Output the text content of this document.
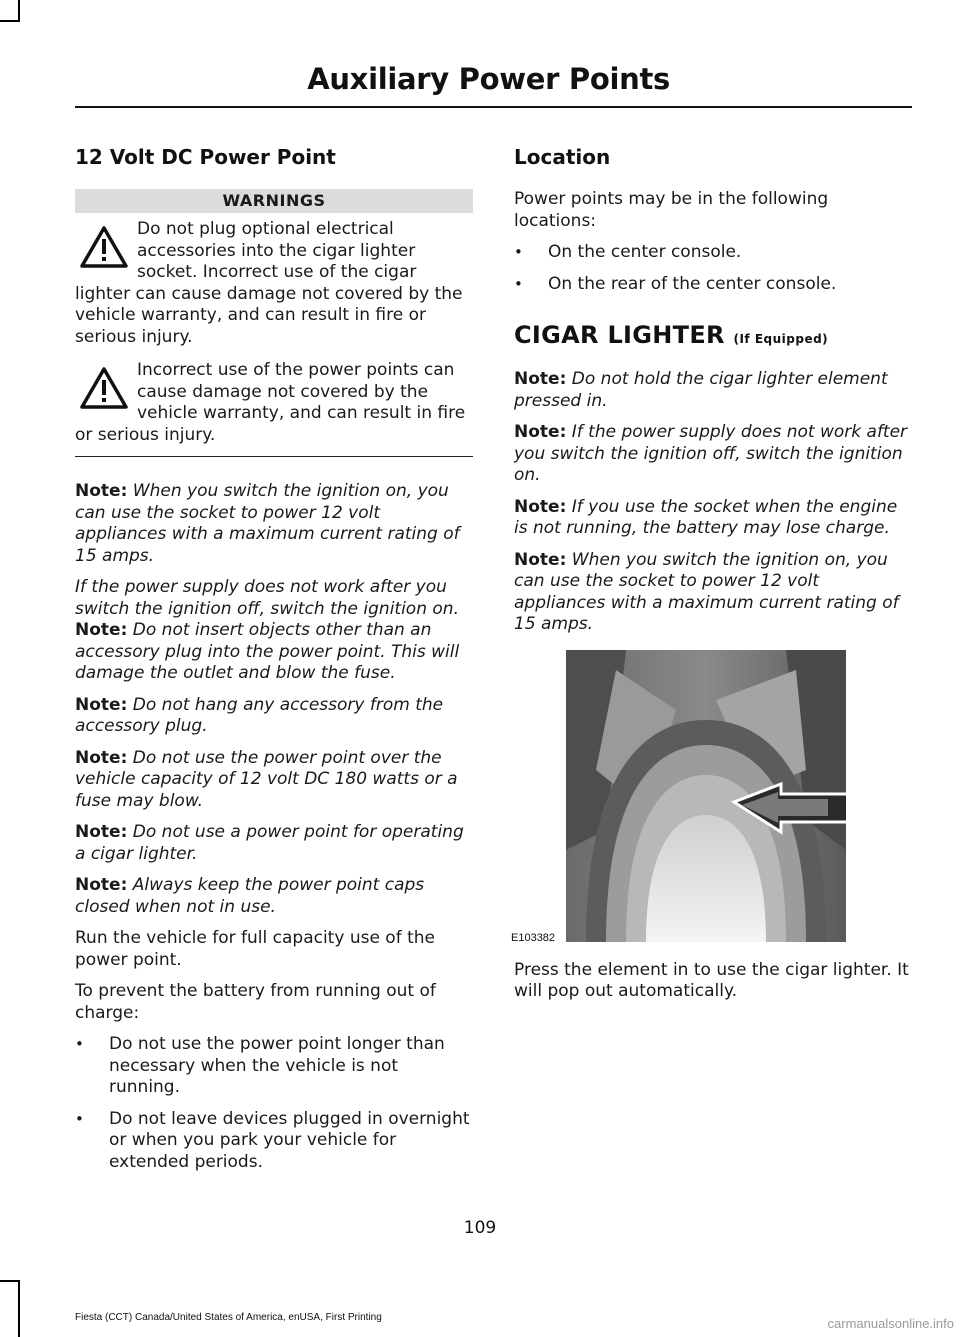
Auxiliary Power Points
12 Volt DC Power Point
WARNINGS
Do not plug optional electrical accessories into the cigar lighter socket. Incorrect use of the cigar lighter can cause damage not covered by the vehicle warranty, and can result in fire or serious injury.
Incorrect use of the power points can cause damage not covered by the vehicle warranty, and can result in fire or serious injury.

Note: When you switch the ignition on, you can use the socket to power 12 volt appliances with a maximum current rating of 15 amps.

If the power supply does not work after you switch the ignition off, switch the ignition on.

Note: Do not insert objects other than an accessory plug into the power point. This will damage the outlet and blow the fuse.

Note: Do not hang any accessory from the accessory plug.

Note: Do not use the power point over the vehicle capacity of 12 volt DC 180 watts or a fuse may blow.

Note: Do not use a power point for operating a cigar lighter.

Note: Always keep the power point caps closed when not in use.

Run the vehicle for full capacity use of the power point.

To prevent the battery from running out of charge:

• Do not use the power point longer than necessary when the vehicle is not running.
• Do not leave devices plugged in overnight or when you park your vehicle for extended periods.
Location

Power points may be in the following locations:

• On the center console.
• On the rear of the center console.
CIGAR LIGHTER (If Equipped)

Note: Do not hold the cigar lighter element pressed in.

Note: If the power supply does not work after you switch the ignition off, switch the ignition on.

Note: If you use the socket when the engine is not running, the battery may lose charge.

Note: When you switch the ignition on, you can use the socket to power 12 volt appliances with a maximum current rating of 15 amps.

E103382

Press the element in to use the cigar lighter. It will pop out automatically.

109
Fiesta (CCT) Canada/United States of America, enUSA, First Printing	carmanualsonline.info
